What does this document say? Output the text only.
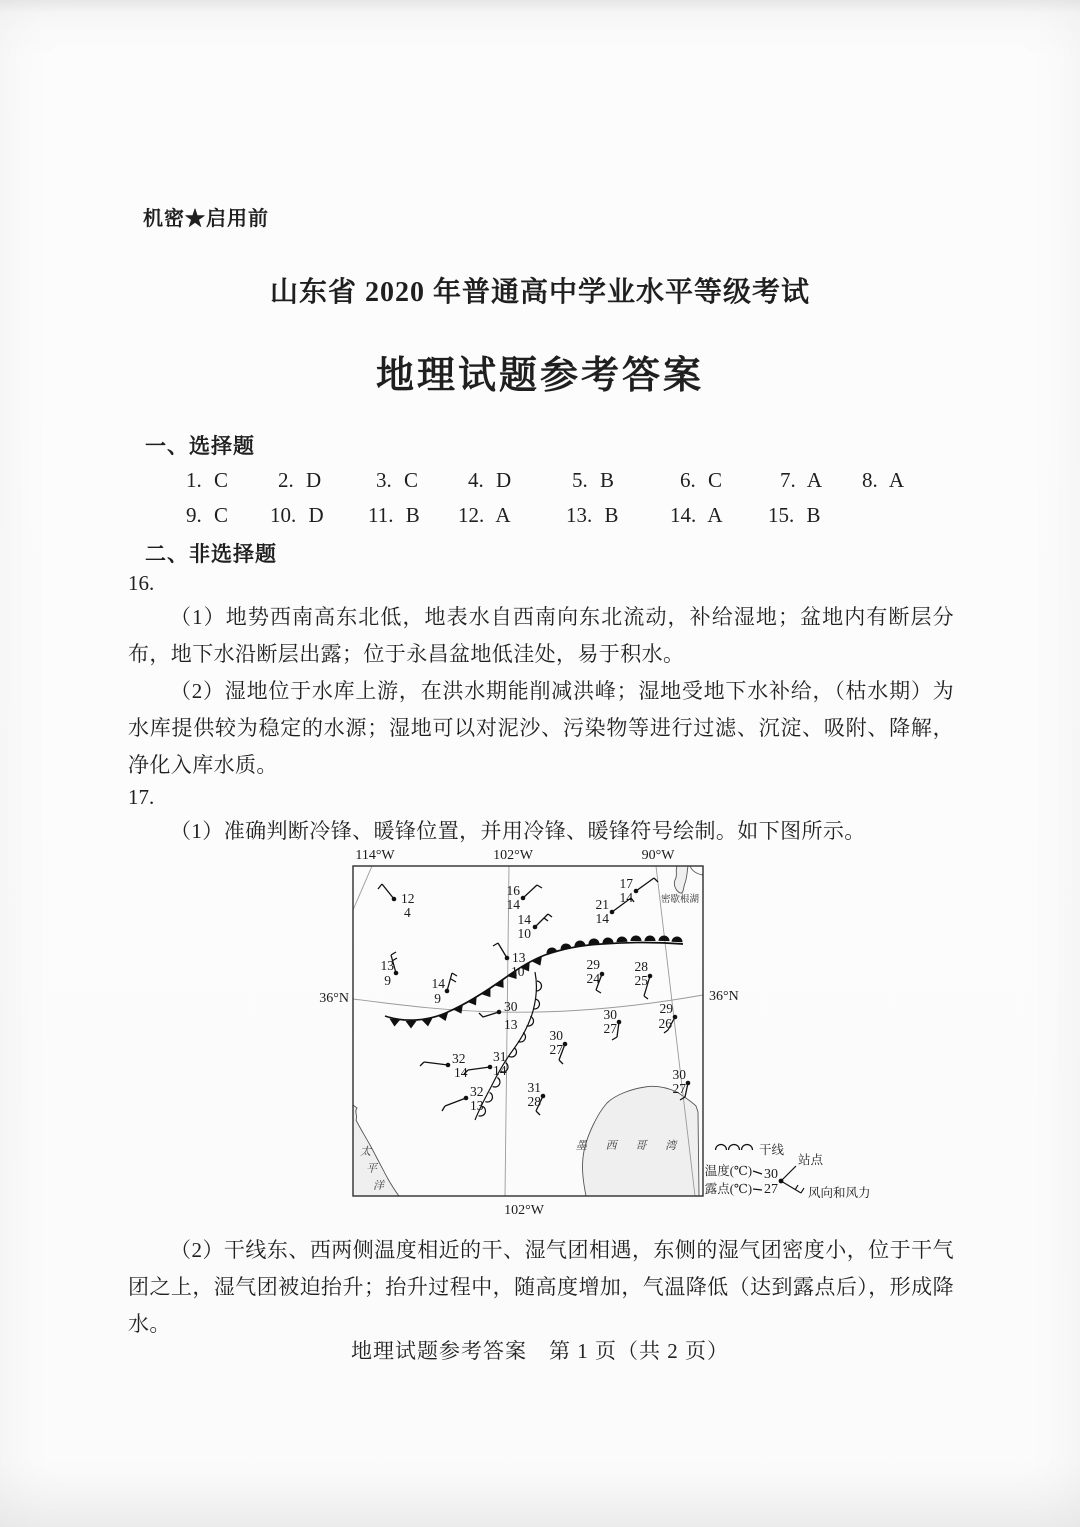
机密★启用前
山东省 2020 年普通高中学业水平等级考试
地理试题参考答案
一、选择题
1. C 2. D	3. C 4. D	5. B	6. C	7. A 8. A
9. C 10. D 11. B 12. A	13. B 14. A 15. B
二、非选择题
16.
（1）地势西南高东北低，地表水自西南向东北流动，补给湿地；盆地内有断层分布，地下水沿断层出露；位于永昌盆地低洼处，易于积水。
（2）湿地位于水库上游，在洪水期能削减洪峰；湿地受地下水补给，（枯水期）为水库提供较为稳定的水源；湿地可以对泥沙、污染物等进行过滤、沉淀、吸附、降解，净化入库水质。
17.
（1）准确判断冷锋、暖锋位置，并用冷锋、暖锋符号绘制。如下图所示。
太
平
洋
墨 西 哥 湾
密歇根湖
114°W	102°W	90°W
102°W
36°N	36°N
12
4
16
14
17
14
21
14
14
10
13
10
13
9	14
9
29
24
28
25
30
13
29
26
30
27
30
27
30
27
32
14
31
14
32
13
31
28
干线
温度(℃) 30
露点(℃) 27
站点
风向和风力
（2）干线东、西两侧温度相近的干、湿气团相遇，东侧的湿气团密度小，位于干气团之上，湿气团被迫抬升；抬升过程中，随高度增加，气温降低（达到露点后），形成降水。
地理试题参考答案　第 1 页（共 2 页）
